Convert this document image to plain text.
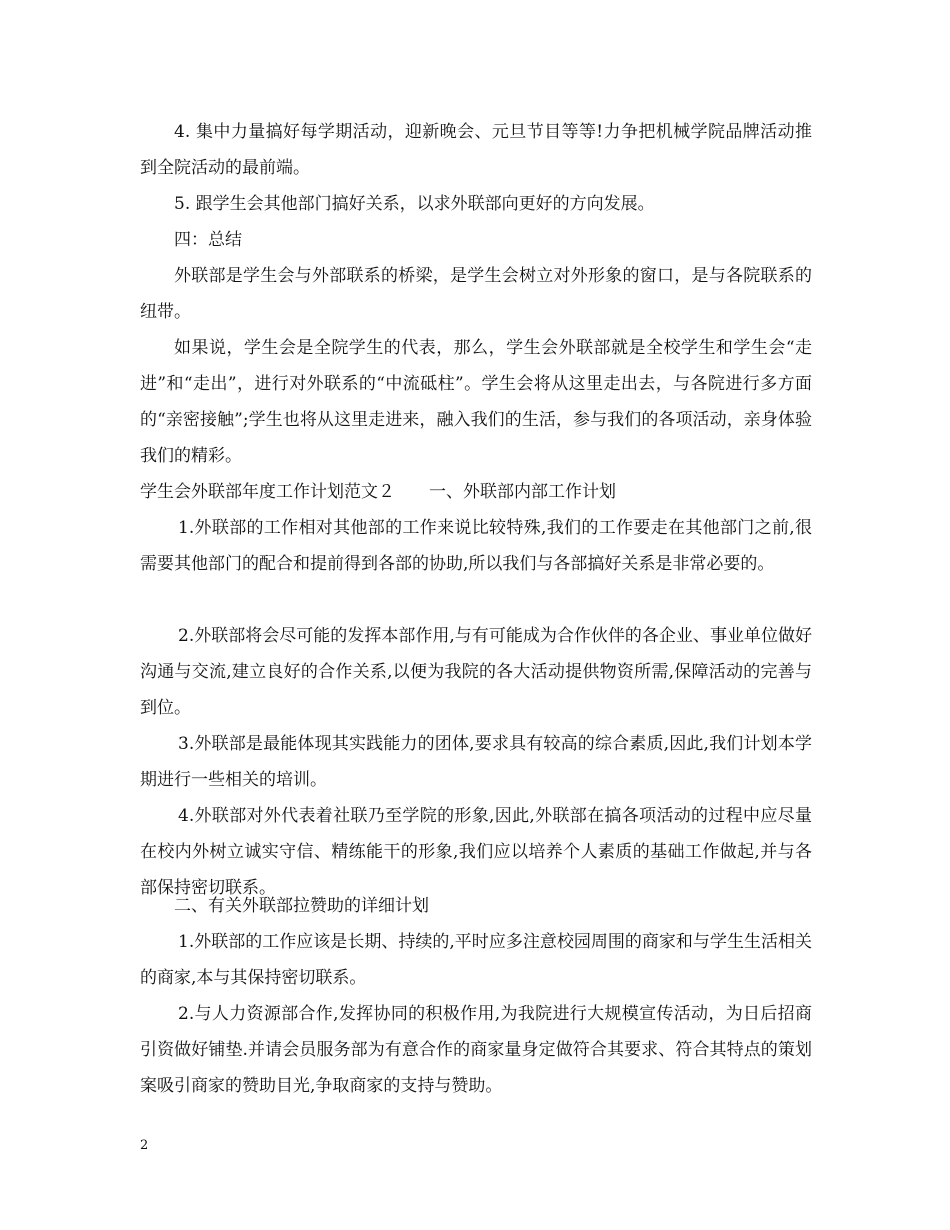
4. 集中力量搞好每学期活动，迎新晚会、元旦节目等等!力争把机械学院品牌活动推到全院活动的最前端。

5. 跟学生会其他部门搞好关系，以求外联部向更好的方向发展。

四：总结

外联部是学生会与外部联系的桥梁，是学生会树立对外形象的窗口，是与各院联系的纽带。

如果说，学生会是全院学生的代表，那么，学生会外联部就是全校学生和学生会“走进”和“走出”，进行对外联系的“中流砥柱”。学生会将从这里走出去，与各院进行多方面的“亲密接触”;学生也将从这里走进来，融入我们的生活，参与我们的各项活动，亲身体验我们的精彩。

学生会外联部年度工作计划范文２　　一、外联部内部工作计划

1.外联部的工作相对其他部的工作来说比较特殊,我们的工作要走在其他部门之前,很需要其他部门的配合和提前得到各部的协助,所以我们与各部搞好关系是非常必要的。

2.外联部将会尽可能的发挥本部作用,与有可能成为合作伙伴的各企业、事业单位做好沟通与交流,建立良好的合作关系,以便为我院的各大活动提供物资所需,保障活动的完善与到位。

3.外联部是最能体现其实践能力的团体,要求具有较高的综合素质,因此,我们计划本学期进行一些相关的培训。

4.外联部对外代表着社联乃至学院的形象,因此,外联部在搞各项活动的过程中应尽量在校内外树立诚实守信、精练能干的形象,我们应以培养个人素质的基础工作做起,并与各部保持密切联系。

二、有关外联部拉赞助的详细计划

1.外联部的工作应该是长期、持续的,平时应多注意校园周围的商家和与学生生活相关的商家,本与其保持密切联系。

2.与人力资源部合作,发挥协同的积极作用,为我院进行大规模宣传活动，为日后招商引资做好铺垫.并请会员服务部为有意合作的商家量身定做符合其要求、符合其特点的策划案吸引商家的赞助目光,争取商家的支持与赞助。

2
